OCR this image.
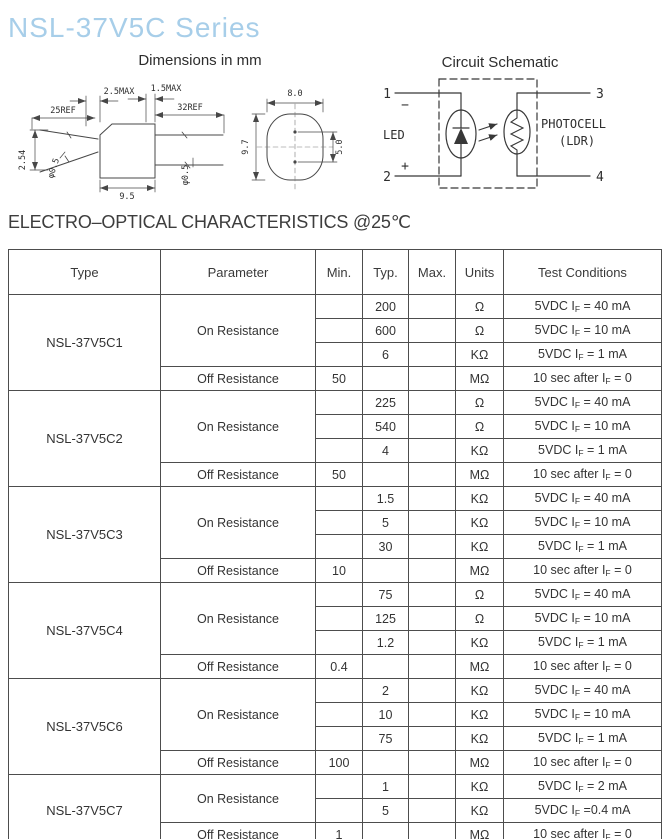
NSL-37V5C Series
Dimensions in mm	Circuit Schematic
2.5MAX 1.5MAX
25REF	32REF
9.5
φ0.5
2.54 φ0.5
8.0
9.7	5.0
1
−
2
+
3
4
LED
PHOTOCELL
(LDR)
ELECTRO–OPTICAL CHARACTERISTICS @25℃
Type	Parameter	Min.	Typ.	Max.	Units	Test Conditions
NSL-37V5C1	On Resistance		200		Ω	5VDC $I_F = 40$ mA
			600		Ω	5VDC $I_F = 10$ mA
			6		KΩ	5VDC $I_F = 1$ mA
	Off Resistance	50			MΩ	10 sec after $I_F = 0$
NSL-37V5C2	On Resistance		225		Ω	5VDC $I_F = 40$ mA
			540		Ω	5VDC $I_F = 10$ mA
			4		KΩ	5VDC $I_F = 1$ mA
	Off Resistance	50			MΩ	10 sec after $I_F = 0$
NSL-37V5C3	On Resistance		1.5		KΩ	5VDC $I_F = 40$ mA
			5		KΩ	5VDC $I_F = 10$ mA
			30		KΩ	5VDC $I_F = 1$ mA
	Off Resistance	10			MΩ	10 sec after $I_F = 0$
NSL-37V5C4	On Resistance		75		Ω	5VDC $I_F = 40$ mA
			125		Ω	5VDC $I_F = 10$ mA
			1.2		KΩ	5VDC $I_F = 1$ mA
	Off Resistance	0.4			MΩ	10 sec after $I_F = 0$
NSL-37V5C6	On Resistance		2		KΩ	5VDC $I_F = 40$ mA
			10		KΩ	5VDC $I_F = 10$ mA
			75		KΩ	5VDC $I_F = 1$ mA
	Off Resistance	100			MΩ	10 sec after $I_F = 0$
NSL-37V5C7	On Resistance		1		KΩ	5VDC $I_F = 2$ mA
			5		KΩ	5VDC $I_F =0.4$ mA
	Off Resistance	1			MΩ	10 sec after $I_F = 0$
